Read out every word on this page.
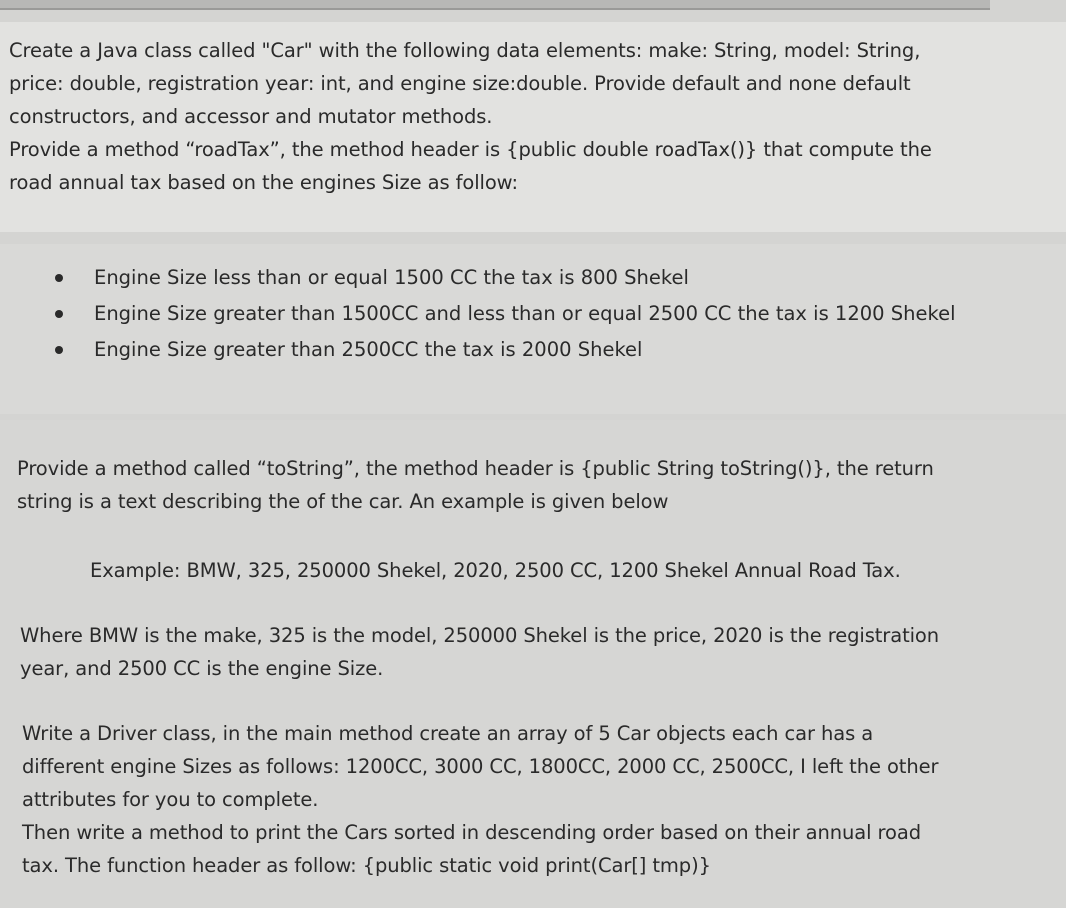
Create a Java class called "Car" with the following data elements: make: String, model: String,

price: double, registration year: int, and engine size:double. Provide default and none default

constructors, and accessor and mutator methods.

Provide a method “roadTax”, the method header is {public double roadTax()} that compute the

road annual tax based on the engines Size as follow:

Engine Size less than or equal 1500 CC the tax is 800 Shekel
Engine Size greater than 1500CC and less than or equal 2500 CC the tax is 1200 Shekel
Engine Size greater than 2500CC the tax is 2000 Shekel

Provide a method called “toString”, the method header is {public String toString()}, the return

string is a text describing the of the car. An example is given below

Example: BMW, 325, 250000 Shekel, 2020, 2500 CC, 1200 Shekel Annual Road Tax.

Where BMW is the make, 325 is the model, 250000 Shekel is the price, 2020 is the registration

year, and 2500 CC is the engine Size.

Write a Driver class, in the main method create an array of 5 Car objects each car has a

different engine Sizes as follows: 1200CC, 3000 CC, 1800CC, 2000 CC, 2500CC, I left the other

attributes for you to complete.

Then write a method to print the Cars sorted in descending order based on their annual road

tax. The function header as follow: {public static void print(Car[] tmp)}
